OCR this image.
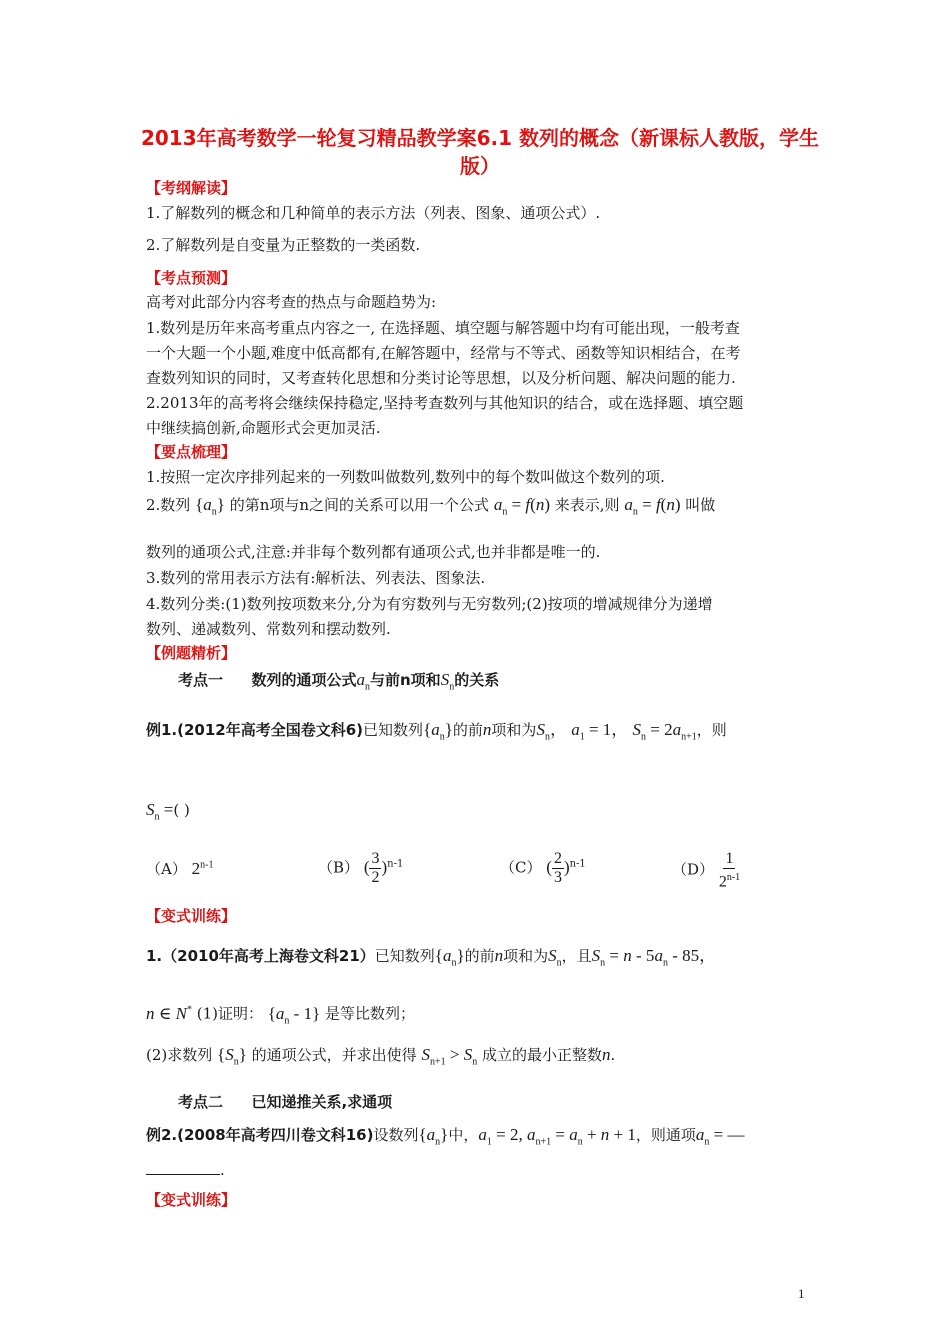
2013年高考数学一轮复习精品教学案6.1 数列的概念（新课标人教版，学生版）
【考纲解读】
1.了解数列的概念和几种简单的表示方法（列表、图象、通项公式）.
2.了解数列是自变量为正整数的一类函数.
【考点预测】
高考对此部分内容考查的热点与命题趋势为:
1.数列是历年来高考重点内容之一, 在选择题、填空题与解答题中均有可能出现，一般考查
一个大题一个小题,难度中低高都有,在解答题中，经常与不等式、函数等知识相结合，在考
查数列知识的同时，又考查转化思想和分类讨论等思想，以及分析问题、解决问题的能力.
2.2013年的高考将会继续保持稳定,坚持考查数列与其他知识的结合，或在选择题、填空题
中继续搞创新,命题形式会更加灵活.
【要点梳理】
1.按照一定次序排列起来的一列数叫做数列,数列中的每个数叫做这个数列的项.
2.数列 $\{a_n\}$ 的第n项与n之间的关系可以用一个公式 $a_n = f(n)$ 来表示,则 $a_n = f(n)$ 叫做
数列的通项公式,注意:并非每个数列都有通项公式,也并非都是唯一的.
3.数列的常用表示方法有:解析法、列表法、图象法.
4.数列分类:(1)数列按项数来分,分为有穷数列与无穷数列;(2)按项的增减规律分为递增
数列、递减数列、常数列和摆动数列.
【例题精析】
考点一 数列的通项公式$a_n$与前n项和$S_n$的关系
例1.(2012年高考全国卷文科6)已知数列$\{a_n\}$的前n项和为$S_n$， $a_1 = 1$， $S_n = 2a_{n+1}$，则
$S_n$ =( )
（A） 2$^{n-1}$	（B） ( $\frac{3}{2} )^{n-1}$	（C） ( $\frac{2}{3} )^{n-1}$	$(D) \frac{1}{2^{n-1}}$
【变式训练】
1.（2010年高考上海卷文科21）已知数列$\{a_n\}$的前n项和为$S_n$，且$S_n = n - 5a_n - 85$，
n ∈ N* (1)证明： $\{a_n - 1\}$ 是等比数列；
(2)求数列 $\{S_n\}$ 的通项公式，并求出使得 $S_{n+1} > S_n$ 成立的最小正整数n.
考点二 已知递推关系,求通项
例2.(2008年高考四川卷文科16)设数列$\{a_n\}$中，$a_1 = 2$, $a_{n+1} = a_n + n + 1$，则通项$a_n$ = —
.
【变式训练】
1
